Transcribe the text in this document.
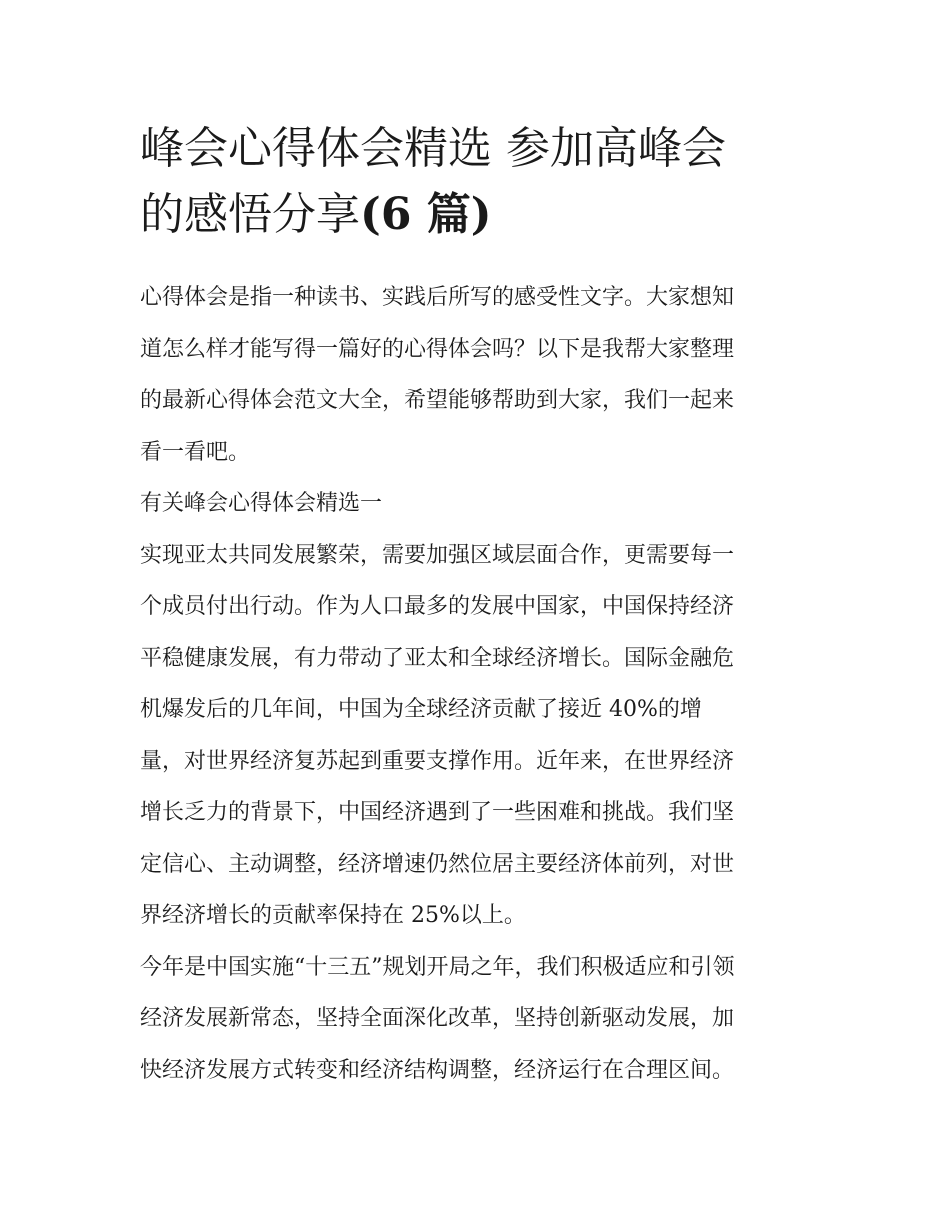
峰会心得体会精选 参加高峰会
的感悟分享(6 篇)
心得体会是指一种读书、实践后所写的感受性文字。大家想知
道怎么样才能写得一篇好的心得体会吗？以下是我帮大家整理
的最新心得体会范文大全，希望能够帮助到大家，我们一起来
看一看吧。
有关峰会心得体会精选一
实现亚太共同发展繁荣，需要加强区域层面合作，更需要每一
个成员付出行动。作为人口最多的发展中国家，中国保持经济
平稳健康发展，有力带动了亚太和全球经济增长。国际金融危
机爆发后的几年间，中国为全球经济贡献了接近 40%的增
量，对世界经济复苏起到重要支撑作用。近年来，在世界经济
增长乏力的背景下，中国经济遇到了一些困难和挑战。我们坚
定信心、主动调整，经济增速仍然位居主要经济体前列，对世
界经济增长的贡献率保持在 25%以上。
今年是中国实施“十三五”规划开局之年，我们积极适应和引领
经济发展新常态，坚持全面深化改革，坚持创新驱动发展，加
快经济发展方式转变和经济结构调整，经济运行在合理区间。
